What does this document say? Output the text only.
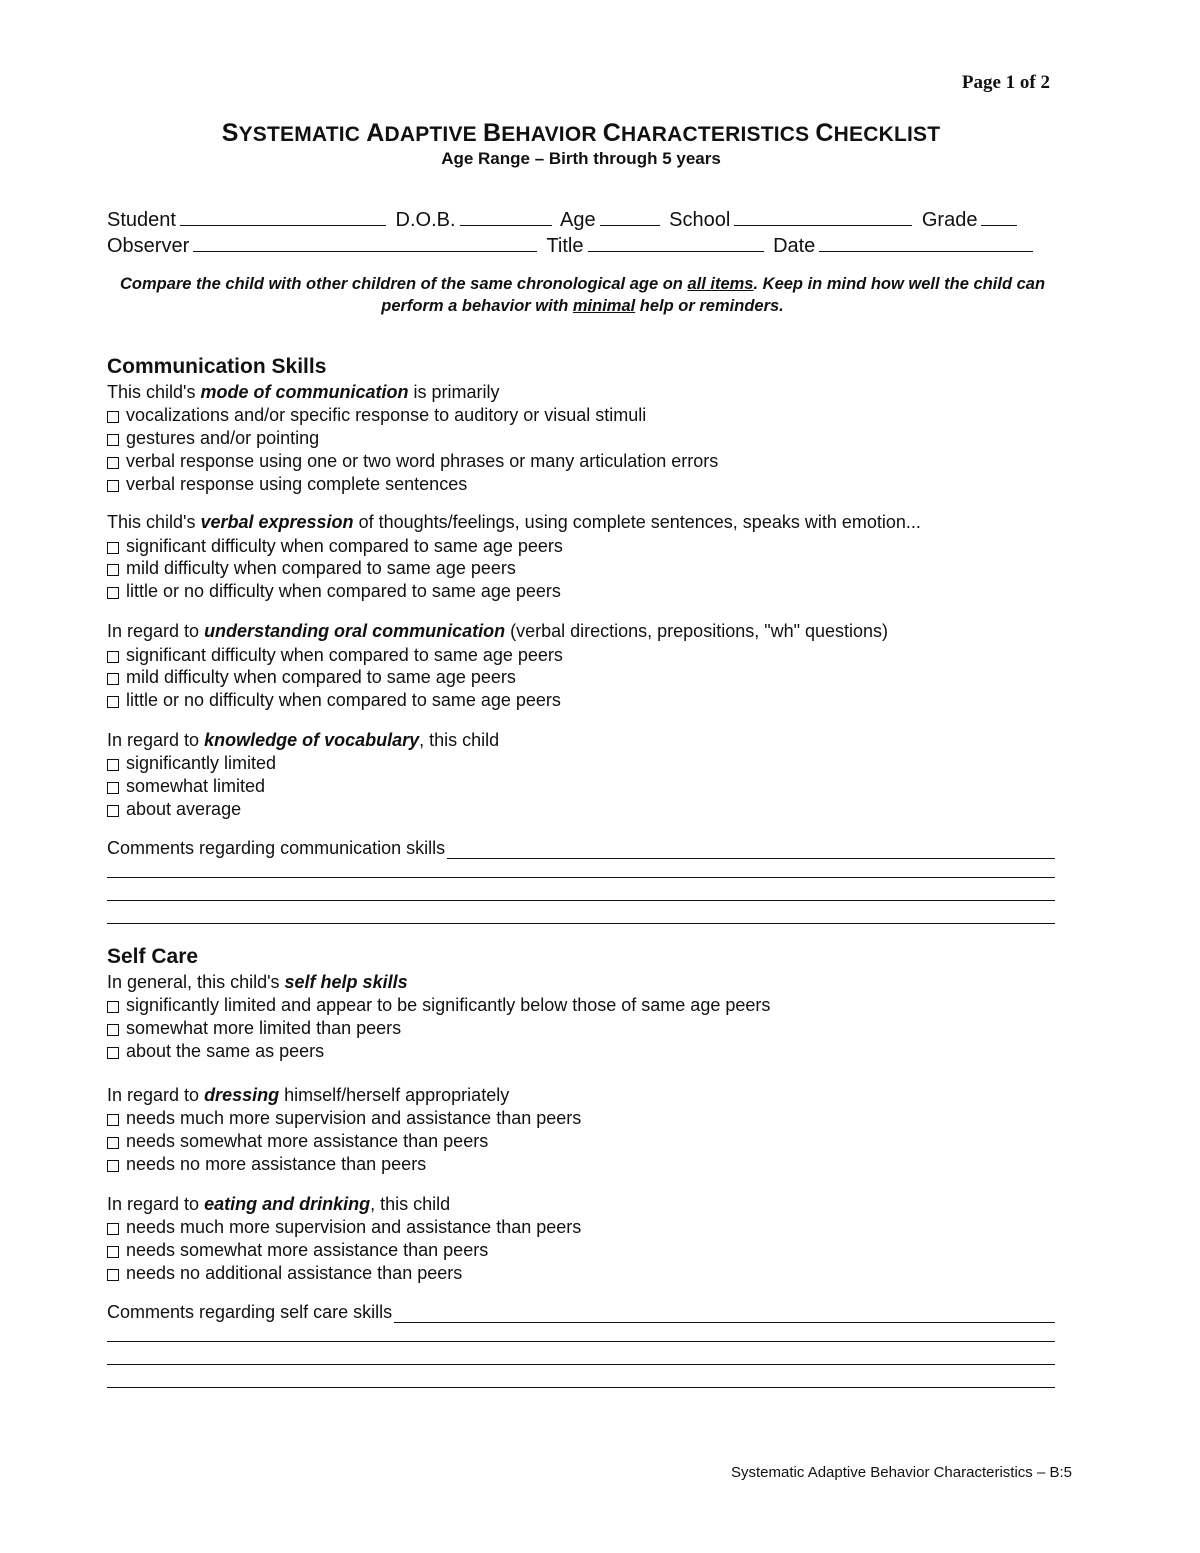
Page 1 of 2
SYSTEMATIC ADAPTIVE BEHAVIOR CHARACTERISTICS CHECKLIST
Age Range – Birth through 5 years
Student	D.O.B.	Age	School	Grade
Observer	Title	Date
Compare the child with other children of the same chronological age on all items. Keep in mind how well the child can perform a behavior with minimal help or reminders.
Communication Skills
This child's mode of communication is primarily
vocalizations and/or specific response to auditory or visual stimuli
gestures and/or pointing
verbal response using one or two word phrases or many articulation errors
verbal response using complete sentences
This child's verbal expression of thoughts/feelings, using complete sentences, speaks with emotion...
significant difficulty when compared to same age peers
mild difficulty when compared to same age peers
little or no difficulty when compared to same age peers
In regard to understanding oral communication (verbal directions, prepositions, "wh" questions)
significant difficulty when compared to same age peers
mild difficulty when compared to same age peers
little or no difficulty when compared to same age peers
In regard to knowledge of vocabulary, this child
significantly limited
somewhat limited
about average
Comments regarding communication skills
Self Care
In general, this child's self help skills
significantly limited and appear to be significantly below those of same age peers
somewhat more limited than peers
about the same as peers
In regard to dressing himself/herself appropriately
needs much more supervision and assistance than peers
needs somewhat more assistance than peers
needs no more assistance than peers
In regard to eating and drinking, this child
needs much more supervision and assistance than peers
needs somewhat more assistance than peers
needs no additional assistance than peers
Comments regarding self care skills
Systematic Adaptive Behavior Characteristics – B:5
